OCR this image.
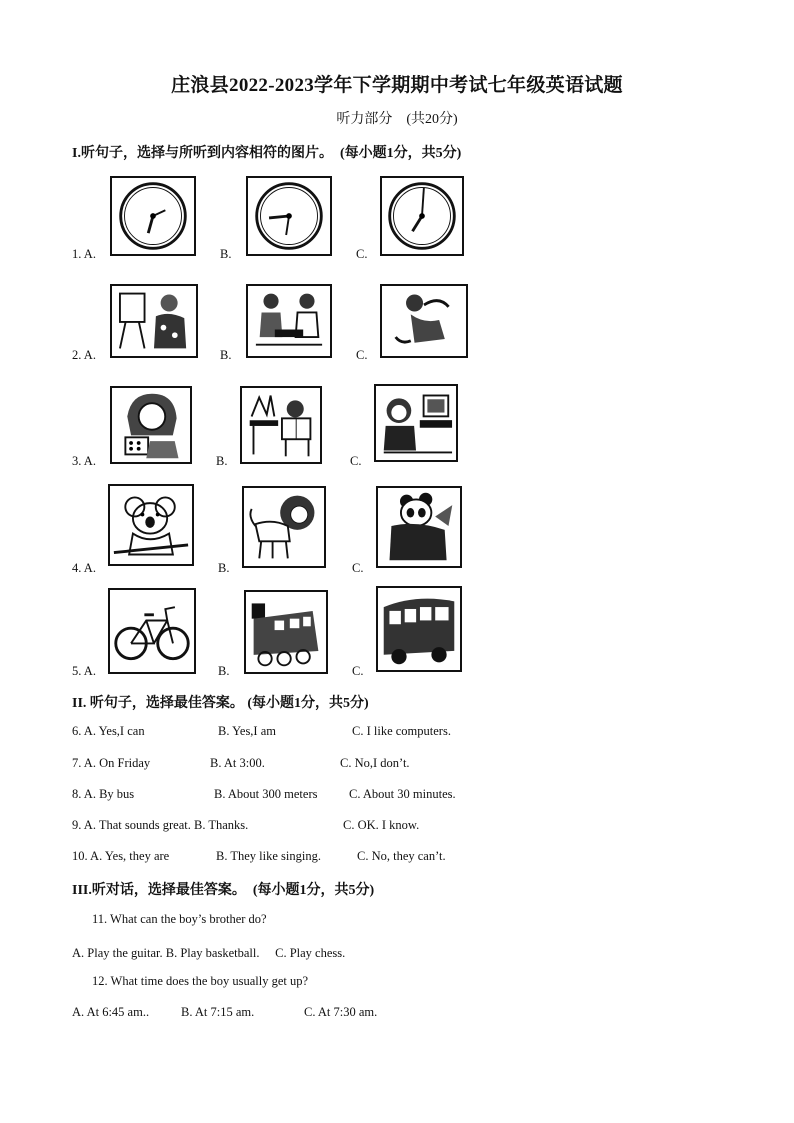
庄浪县2022-2023学年下学期期中考试七年级英语试题
听力部分　(共20分)
I.听句子，选择与所听到内容相符的图片。　(每小题1分，共5分)
1. A.	B.	C.
2. A.	B.	C.
3. A.	B.	C.
4. A.	B.	C.
5. A.	B.	C.
II. 听句子，选择最佳答案。 (每小题1分，共5分)
6. A. Yes,I can	B. Yes,I am	C. I like computers.
7. A. On Friday	B. At 3:00.	C. No,I don’t.
8. A. By bus	B. About 300 meters	C. About 30 minutes.
9. A. That sounds great. B. Thanks.	C. OK. I know.
10. A. Yes, they are	B. They like singing.	C. No, they can’t.
III.听对话，选择最佳答案。　(每小题1分，共5分)
11. What can the boy’s brother do?
A. Play the guitar. B. Play basketball.　 C. Play chess.
12. What time does the boy usually get up?
A. At 6:45 am..	B. At 7:15 am.	C. At 7:30 am.
